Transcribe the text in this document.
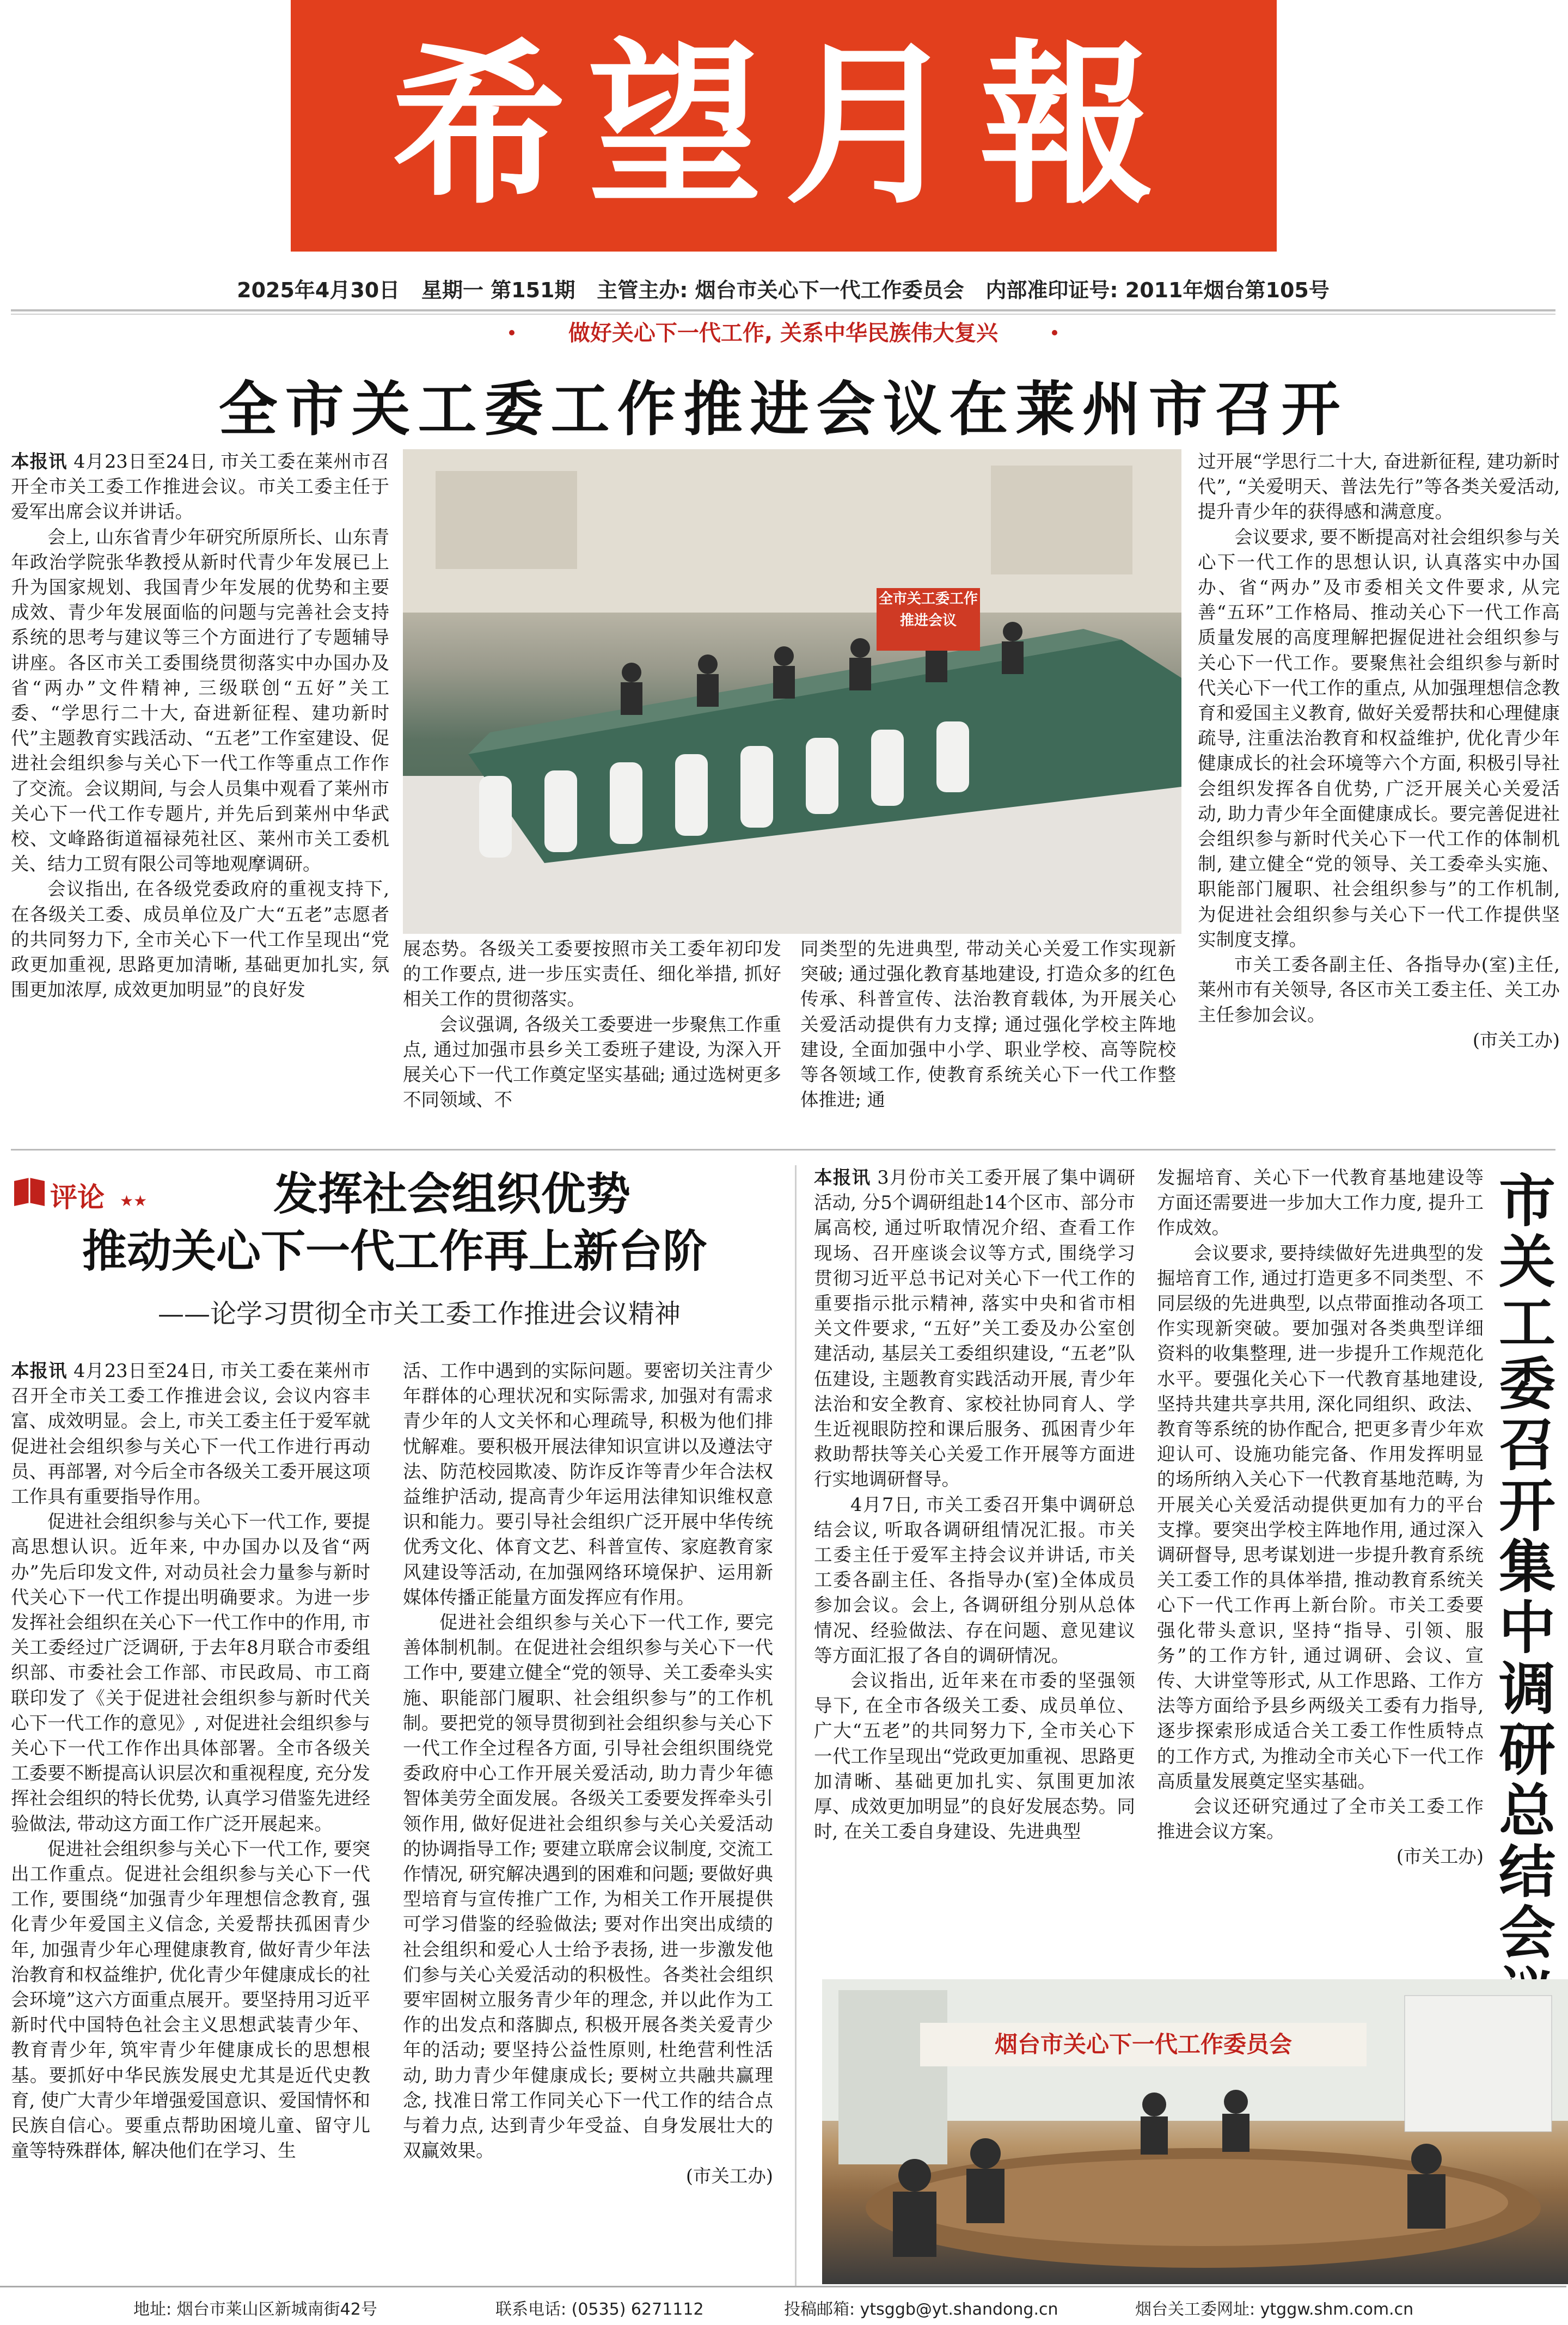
希望月報
2025年4月30日 星期一 第151期 主管主办: 烟台市关心下一代工作委员会 内部准印证号: 2011年烟台第105号
做好关心下一代工作, 关系中华民族伟大复兴
全市关工委工作推进会议在莱州市召开

本报讯 4月23日至24日, 市关工委在莱州市召开全市关工委工作推进会议。市关工委主任于爱军出席会议并讲话。

会上, 山东省青少年研究所原所长、山东青年政治学院张华教授从新时代青少年发展已上升为国家规划、我国青少年发展的优势和主要成效、青少年发展面临的问题与完善社会支持系统的思考与建议等三个方面进行了专题辅导讲座。各区市关工委围绕贯彻落实中办国办及省“两办”文件精神, 三级联创“五好”关工委、“学思行二十大, 奋进新征程、建功新时代”主题教育实践活动、“五老”工作室建设、促进社会组织参与关心下一代工作等重点工作作了交流。会议期间, 与会人员集中观看了莱州市关心下一代工作专题片, 并先后到莱州中华武校、文峰路街道福禄苑社区、莱州市关工委机关、结力工贸有限公司等地观摩调研。

会议指出, 在各级党委政府的重视支持下, 在各级关工委、成员单位及广大“五老”志愿者的共同努力下, 全市关心下一代工作呈现出“党政更加重视, 思路更加清晰, 基础更加扎实, 氛围更加浓厚, 成效更加明显”的良好发

全市关工委工作推进会议

展态势。各级关工委要按照市关工委年初印发的工作要点, 进一步压实责任、细化举措, 抓好相关工作的贯彻落实。

会议强调, 各级关工委要进一步聚焦工作重点, 通过加强市县乡关工委班子建设, 为深入开展关心下一代工作奠定坚实基础; 通过选树更多不同领域、不

同类型的先进典型, 带动关心关爱工作实现新突破; 通过强化教育基地建设, 打造众多的红色传承、科普宣传、法治教育载体, 为开展关心关爱活动提供有力支撑; 通过强化学校主阵地建设, 全面加强中小学、职业学校、高等院校等各领域工作, 使教育系统关心下一代工作整体推进; 通

过开展“学思行二十大, 奋进新征程, 建功新时代”, “关爱明天、普法先行”等各类关爱活动, 提升青少年的获得感和满意度。

会议要求, 要不断提高对社会组织参与关心下一代工作的思想认识, 认真落实中办国办、省“两办”及市委相关文件要求, 从完善“五环”工作格局、推动关心下一代工作高质量发展的高度理解把握促进社会组织参与关心下一代工作。要聚焦社会组织参与新时代关心下一代工作的重点, 从加强理想信念教育和爱国主义教育, 做好关爱帮扶和心理健康疏导, 注重法治教育和权益维护, 优化青少年健康成长的社会环境等六个方面, 积极引导社会组织发挥各自优势, 广泛开展关心关爱活动, 助力青少年全面健康成长。要完善促进社会组织参与新时代关心下一代工作的体制机制, 建立健全“党的领导、关工委牵头实施、职能部门履职、社会组织参与”的工作机制, 为促进社会组织参与关心下一代工作提供坚实制度支撑。

市关工委各副主任、各指导办(室)主任, 莱州市有关领导, 各区市关工委主任、关工办主任参加会议。

(市关工办)

★★
评论	发挥社会组织优势
推动关心下一代工作再上新台阶
——论学习贯彻全市关工委工作推进会议精神

本报讯 4月23日至24日, 市关工委在莱州市召开全市关工委工作推进会议, 会议内容丰富、成效明显。会上, 市关工委主任于爱军就促进社会组织参与关心下一代工作进行再动员、再部署, 对今后全市各级关工委开展这项工作具有重要指导作用。

促进社会组织参与关心下一代工作, 要提高思想认识。近年来, 中办国办以及省“两办”先后印发文件, 对动员社会力量参与新时代关心下一代工作提出明确要求。为进一步发挥社会组织在关心下一代工作中的作用, 市关工委经过广泛调研, 于去年8月联合市委组织部、市委社会工作部、市民政局、市工商联印发了《关于促进社会组织参与新时代关心下一代工作的意见》, 对促进社会组织参与关心下一代工作作出具体部署。全市各级关工委要不断提高认识层次和重视程度, 充分发挥社会组织的特长优势, 认真学习借鉴先进经验做法, 带动这方面工作广泛开展起来。

促进社会组织参与关心下一代工作, 要突出工作重点。促进社会组织参与关心下一代工作, 要围绕“加强青少年理想信念教育, 强化青少年爱国主义信念, 关爱帮扶孤困青少年, 加强青少年心理健康教育, 做好青少年法治教育和权益维护, 优化青少年健康成长的社会环境”这六方面重点展开。要坚持用习近平新时代中国特色社会主义思想武装青少年、教育青少年, 筑牢青少年健康成长的思想根基。要抓好中华民族发展史尤其是近代史教育, 使广大青少年增强爱国意识、爱国情怀和民族自信心。要重点帮助困境儿童、留守儿童等特殊群体, 解决他们在学习、生

活、工作中遇到的实际问题。要密切关注青少年群体的心理状况和实际需求, 加强对有需求青少年的人文关怀和心理疏导, 积极为他们排忧解难。要积极开展法律知识宣讲以及遵法守法、防范校园欺凌、防诈反诈等青少年合法权益维护活动, 提高青少年运用法律知识维权意识和能力。要引导社会组织广泛开展中华传统优秀文化、体育文艺、科普宣传、家庭教育家风建设等活动, 在加强网络环境保护、运用新媒体传播正能量方面发挥应有作用。

促进社会组织参与关心下一代工作, 要完善体制机制。在促进社会组织参与关心下一代工作中, 要建立健全“党的领导、关工委牵头实施、职能部门履职、社会组织参与”的工作机制。要把党的领导贯彻到社会组织参与关心下一代工作全过程各方面, 引导社会组织围绕党委政府中心工作开展关爱活动, 助力青少年德智体美劳全面发展。各级关工委要发挥牵头引领作用, 做好促进社会组织参与关心关爱活动的协调指导工作; 要建立联席会议制度, 交流工作情况, 研究解决遇到的困难和问题; 要做好典型培育与宣传推广工作, 为相关工作开展提供可学习借鉴的经验做法; 要对作出突出成绩的社会组织和爱心人士给予表扬, 进一步激发他们参与关心关爱活动的积极性。各类社会组织要牢固树立服务青少年的理念, 并以此作为工作的出发点和落脚点, 积极开展各类关爱青少年的活动; 要坚持公益性原则, 杜绝营利性活动, 助力青少年健康成长; 要树立共融共赢理念, 找准日常工作同关心下一代工作的结合点与着力点, 达到青少年受益、自身发展壮大的双赢效果。

(市关工办)

本报讯 3月份市关工委开展了集中调研活动, 分5个调研组赴14个区市、部分市属高校, 通过听取情况介绍、查看工作现场、召开座谈会议等方式, 围绕学习贯彻习近平总书记对关心下一代工作的重要指示批示精神, 落实中央和省市相关文件要求, “五好”关工委及办公室创建活动, 基层关工委组织建设, “五老”队伍建设, 主题教育实践活动开展, 青少年法治和安全教育、家校社协同育人、学生近视眼防控和课后服务、孤困青少年救助帮扶等关心关爱工作开展等方面进行实地调研督导。

4月7日, 市关工委召开集中调研总结会议, 听取各调研组情况汇报。市关工委主任于爱军主持会议并讲话, 市关工委各副主任、各指导办(室)全体成员参加会议。会上, 各调研组分别从总体情况、经验做法、存在问题、意见建议等方面汇报了各自的调研情况。

会议指出, 近年来在市委的坚强领导下, 在全市各级关工委、成员单位、广大“五老”的共同努力下, 全市关心下一代工作呈现出“党政更加重视、思路更加清晰、基础更加扎实、氛围更加浓厚、成效更加明显”的良好发展态势。同时, 在关工委自身建设、先进典型

发掘培育、关心下一代教育基地建设等方面还需要进一步加大工作力度, 提升工作成效。

会议要求, 要持续做好先进典型的发掘培育工作, 通过打造更多不同类型、不同层级的先进典型, 以点带面推动各项工作实现新突破。要加强对各类典型详细资料的收集整理, 进一步提升工作规范化水平。要强化关心下一代教育基地建设, 坚持共建共享共用, 深化同组织、政法、教育等系统的协作配合, 把更多青少年欢迎认可、设施功能完备、作用发挥明显的场所纳入关心下一代教育基地范畴, 为开展关心关爱活动提供更加有力的平台支撑。要突出学校主阵地作用, 通过深入调研督导, 思考谋划进一步提升教育系统关工委工作的具体举措, 推动教育系统关心下一代工作再上新台阶。市关工委要强化带头意识, 坚持“指导、引领、服务”的工作方针, 通过调研、会议、宣传、大讲堂等形式, 从工作思路、工作方法等方面给予县乡两级关工委有力指导, 逐步探索形成适合关工委工作性质特点的工作方式, 为推动全市关心下一代工作高质量发展奠定坚实基础。

会议还研究通过了全市关工委工作推进会议方案。

(市关工办)

市
关
工
委
召
开
集
中
调
研
总
结
会
烟台市关心下一代工作委员会
地址: 烟台市莱山区新城南街42号	联系电话: (0535) 6271112	投稿邮箱: ytsggb@yt.shandong.cn	烟台关工委网址: ytggw.shm.com.cn
